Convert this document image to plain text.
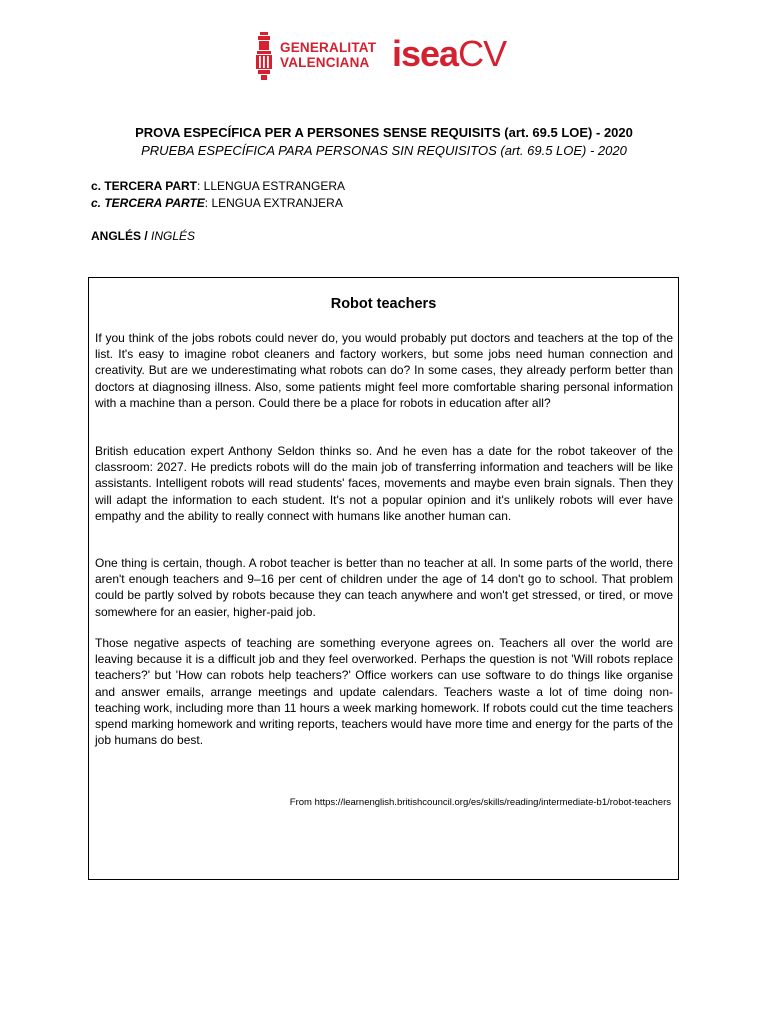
GENERALITAT
VALENCIANA iseaCV
PROVA ESPECÍFICA PER A PERSONES SENSE REQUISITS (art. 69.5 LOE) - 2020
PRUEBA ESPECÍFICA PARA PERSONAS SIN REQUISITOS (art. 69.5 LOE) - 2020
c. TERCERA PART: LLENGUA ESTRANGERA
c. TERCERA PARTE: LENGUA EXTRANJERA
ANGLÉS / INGLÉS
Robot teachers

If you think of the jobs robots could never do, you would probably put doctors and teachers at the top of the list. It's easy to imagine robot cleaners and factory workers, but some jobs need human connection and creativity. But are we underestimating what robots can do? In some cases, they already perform better than doctors at diagnosing illness. Also, some patients might feel more comfortable sharing personal information with a machine than a person. Could there be a place for robots in education after all?

British education expert Anthony Seldon thinks so. And he even has a date for the robot takeover of the classroom: 2027. He predicts robots will do the main job of transferring information and teachers will be like assistants. Intelligent robots will read students' faces, movements and maybe even brain signals. Then they will adapt the information to each student. It's not a popular opinion and it's unlikely robots will ever have empathy and the ability to really connect with humans like another human can.

One thing is certain, though. A robot teacher is better than no teacher at all. In some parts of the world, there aren't enough teachers and 9–16 per cent of children under the age of 14 don't go to school. That problem could be partly solved by robots because they can teach anywhere and won't get stressed, or tired, or move somewhere for an easier, higher-paid job.

Those negative aspects of teaching are something everyone agrees on. Teachers all over the world are leaving because it is a difficult job and they feel overworked. Perhaps the question is not 'Will robots replace teachers?' but 'How can robots help teachers?' Office workers can use software to do things like organise and answer emails, arrange meetings and update calendars. Teachers waste a lot of time doing non-teaching work, including more than 11 hours a week marking homework. If robots could cut the time teachers spend marking homework and writing reports, teachers would have more time and energy for the parts of the job humans do best.

From https://learnenglish.britishcouncil.org/es/skills/reading/intermediate-b1/robot-teachers
